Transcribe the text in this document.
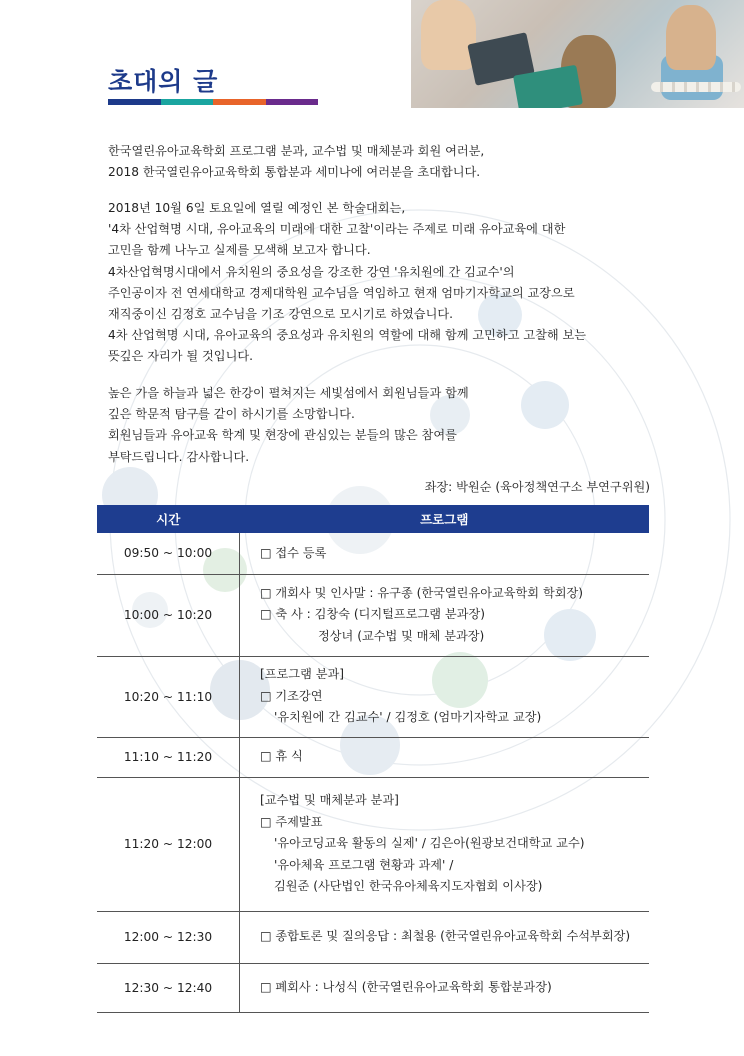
초대의 글
한국열린유아교육학회 프로그램 분과, 교수법 및 매체분과 회원 여러분,
2018 한국열린유아교육학회 통합분과 세미나에 여러분을 초대합니다.
2018년 10월 6일 토요일에 열릴 예정인 본 학술대회는,
'4차 산업혁명 시대, 유아교육의 미래에 대한 고찰'이라는 주제로 미래 유아교육에 대한
고민을 함께 나누고 실제를 모색해 보고자 합니다.
4차산업혁명시대에서 유치원의 중요성을 강조한 강연 '유치원에 간 김교수'의
주인공이자 전 연세대학교 경제대학원 교수님을 역임하고 현재 엄마기자학교의 교장으로
재직중이신 김정호 교수님을 기조 강연으로 모시기로 하였습니다.
4차 산업혁명 시대, 유아교육의 중요성과 유치원의 역할에 대해 함께 고민하고 고찰해 보는
뜻깊은 자리가 될 것입니다.
높은 가을 하늘과 넓은 한강이 펼쳐지는 세빛섬에서 회원님들과 함께
깊은 학문적 탐구를 같이 하시기를 소망합니다.
회원님들과 유아교육 학계 및 현장에 관심있는 분들의 많은 참여를
부탁드립니다. 감사합니다.
좌장: 박원순 (육아정책연구소 부연구위원)
시간	프로그램
09:50 ~ 10:00	□ 접수 등록

10:00 ~ 10:20	□ 개회사 및 인사말 : 유구종 (한국열린유아교육학회 학회장)
□ 축 사 : 김창숙 (디지털프로그램 분과장)
정상녀 (교수법 및 매체 분과장)

10:20 ~ 11:10	[프로그램 분과]
□ 기조강연
'유치원에 간 김교수' / 김정호 (엄마기자학교 교장)

11:10 ~ 11:20	□ 휴 식

11:20 ~ 12:00	[교수법 및 매체분과 분과]
□ 주제발표
'유아코딩교육 활동의 실제' / 김은아(원광보건대학교 교수)
'유아체육 프로그램 현황과 과제' /
김원준 (사단법인 한국유아체육지도자협회 이사장)

12:00 ~ 12:30	□ 종합토론 및 질의응답 : 최철용 (한국열린유아교육학회 수석부회장)

12:30 ~ 12:40	□ 폐회사 : 나성식 (한국열린유아교육학회 통합분과장)
